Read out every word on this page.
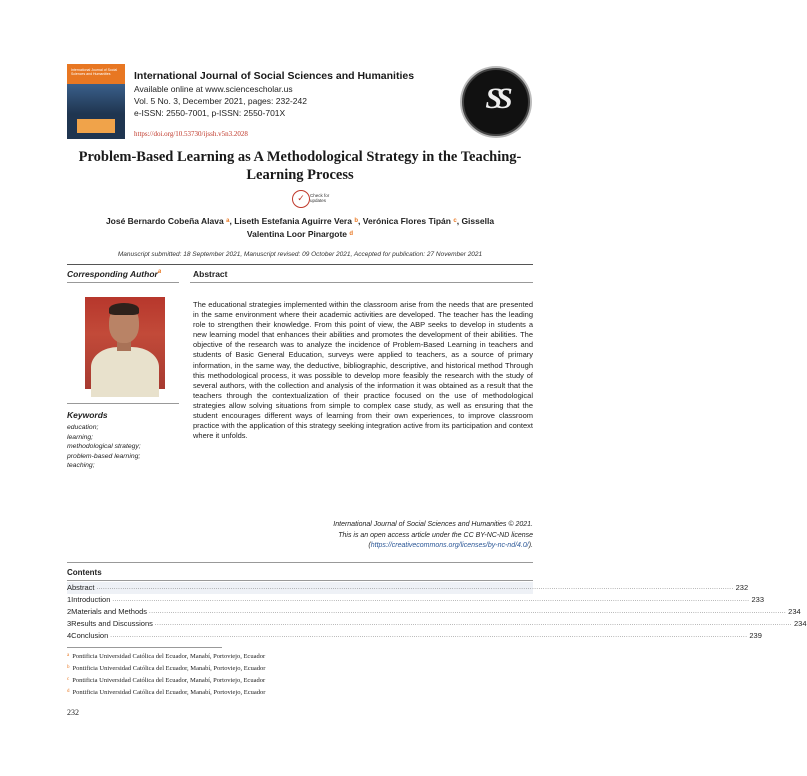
International Journal of Social Sciences and Humanities	International Journal of Social Sciences and Humanities
Available online at www.sciencescholar.us
Vol. 5 No. 3, December 2021, pages: 232-242
e-ISSN: 2550-7001, p-ISSN: 2550-701X
https://doi.org/10.53730/ijssh.v5n3.2028
SS
Problem-Based Learning as A Methodological Strategy in the Teaching-Learning Process
✓	Check for
updates
José Bernardo Cobeña Alava $^a$, Liseth Estefania Aguirre Vera $^b$, Verónica Flores Tipán $^c$, Gissella
Valentina Loor Pinargote $^d$
Manuscript submitted: 18 September 2021, Manuscript revised: 09 October 2021, Accepted for publication: 27 November 2021
Corresponding Author$^a$
Keywords
education;
learning;
methodological strategy;
problem-based learning;
teaching;
Abstract
The educational strategies implemented within the classroom arise from the needs that are presented in the same environment where their academic activities are developed. The teacher has the leading role to strengthen their knowledge. From this point of view, the ABP seeks to develop in students a new learning model that enhances their abilities and promotes the development of their abilities. The objective of the research was to analyze the incidence of Problem-Based Learning in teachers and students of Basic General Education, surveys were applied to teachers, as a source of primary information, in the same way, the deductive, bibliographic, descriptive, and historical method Through this methodological process, it was possible to develop more feasibly the research with the study of several authors, with the collection and analysis of the information it was obtained as a result that the teachers through the contextualization of their practice focused on the use of methodological strategies allow solving situations from simple to complex case study, as well as ensuring that the student encourages different ways of learning from their own experiences, to improve classroom practice with the application of this strategy seeking integration active from its participation and context where it unfolds.
International Journal of Social Sciences and Humanities © 2021.
This is an open access article under the CC BY-NC-ND license
(https://creativecommons.org/licenses/by-nc-nd/4.0/).
Contents
Abstract ...................................................................................................................................................................................................................................................................................................... 232
1 Introduction ...................................................................................................................................................................................................................................................................................................... 233
2 Materials and Methods ...................................................................................................................................................................................................................................................................................................... 234
3 Results and Discussions ...................................................................................................................................................................................................................................................................................................... 234
4 Conclusion ...................................................................................................................................................................................................................................................................................................... 239
$^a$ Pontificia Universidad Católica del Ecuador, Manabí, Portoviejo, Ecuador
$^b$ Pontificia Universidad Católica del Ecuador, Manabí, Portoviejo, Ecuador
$^c$ Pontificia Universidad Católica del Ecuador, Manabí, Portoviejo, Ecuador
$^d$ Pontificia Universidad Católica del Ecuador, Manabí, Portoviejo, Ecuador
232
